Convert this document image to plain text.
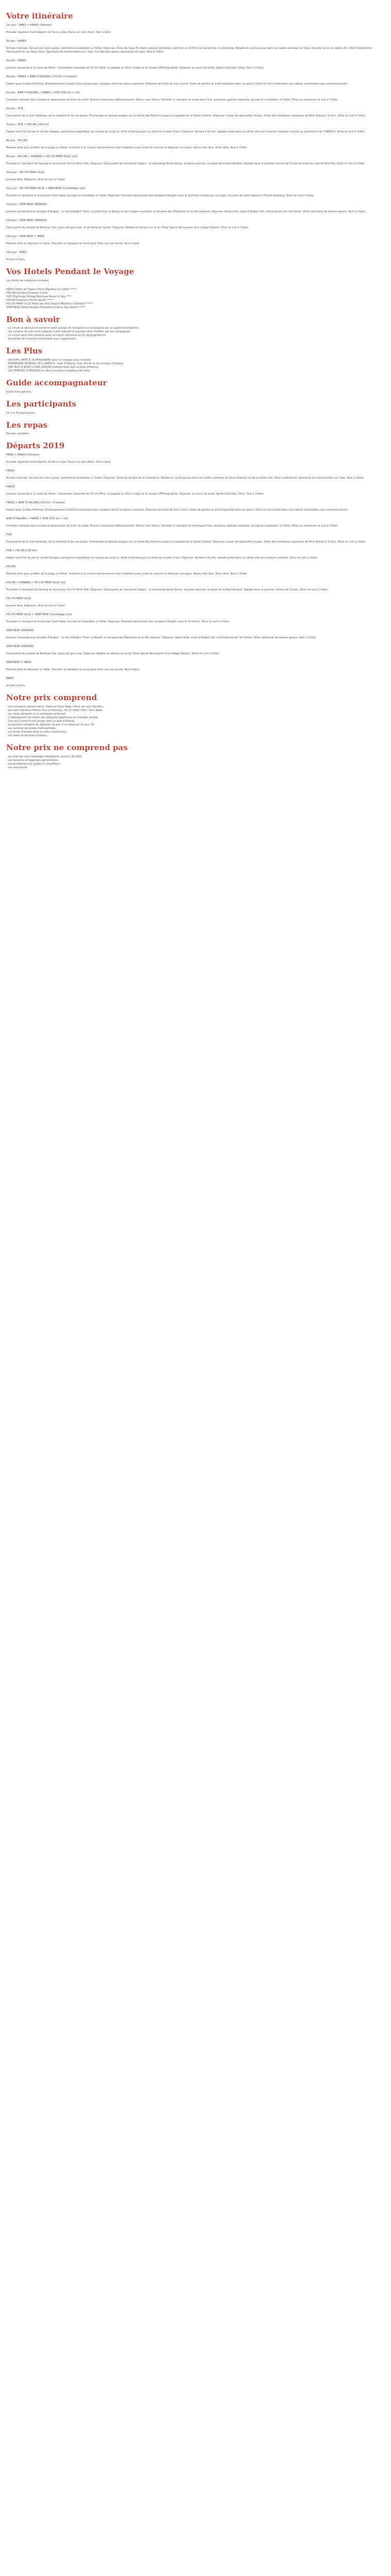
Votre itinéraire

1er jour : PARIS > HANOI (Vietnam)

Envolée régulière multi-départs de Paris à pour Hanoi sur vols direct. Nuit à bord.

2e jour : HANOI

Arrivée matinale. Accueil par votre guide, transfert et installation à l'hôtel. Déjeuner. Visite de Quan Tu Giam, temple confucéen construit en 1070 et du temple de la Littérature. Balade en cyclo-pousse dans les ruelles animées du Vieux Quartier et de la vieille ville. Dîner traditionnel. Découverte du lac Hoan Kiem. Spectacle de marionnettes sur l'eau, l'un des plus beaux spectacles du pays. Nuit à l'hôtel.

3e jour : HANOI

Journée consacrée à la visite de Hanoi : l'ensemble mausolée de Hô Chi Minh, la pagode au Pilier unique et le musée d'Ethnographie. Déjeuner au cours de visite. Après-midi libre. Dîner. Nuit à l'hôtel.

4e jour : HANOI > BAIE D'HALONG (170 km / 4 heures)

Départ pour la baie d'Halong. Embarquement à bord d'une jonque pour naviguer entre les pitons calcaires. Déjeuner de fruits de mer à bord. Visite de grottes et arrêt baignade selon la saison. Dîner et nuit à bord dans une cabine confortable avec sanitaires privés.

5e jour : BAIE D'HALONG > HANOI > HUÉ (535 km + vol)

Croisière matinale dans la baie et observation du lever du soleil. Brunch à bord puis débarquement. Retour vers Hanoi. Transfert à l'aéroport et envol pour Hué, ancienne capitale impériale. Accueil et installation à l'hôtel. Dîner au restaurant et nuit à l'hôtel.

6e jour : HUÉ

Découverte de la cité impériale, de la citadelle et de ses palais. Promenade en bateau-dragon sur la rivière des Parfums jusqu'à la pagode de la Dame Céleste. Déjeuner à base de spécialités locales. Visite des tombeaux impériaux de Minh Mang et Tu Duc. Dîner et nuit à l'hôtel.

7e jour : HUÉ > HOI AN (130 km)

Départ vers Hoi An par le col des Nuages, panorama magnifique sur la baie de Lang Co. Arrêt à Danang pour la visite du musée Cham. Déjeuner. Arrivée à Hoi An, balade à pied dans la vieille ville aux maisons colorées, inscrite au patrimoine de l'UNESCO. Dîner et nuit à l'hôtel.

8e jour : HOI AN

Matinée libre pour profiter de la plage ou flâner. Initiation à la cuisine vietnamienne chez l'habitant avec visite du marché et déjeuner sur place. Après-midi libre. Dîner libre. Nuit à l'hôtel.

9e jour : HOI AN > DANANG > HO CHI MINH VILLE (vol)

Transfert à l'aéroport de Danang et envol pour Ho Chi Minh Ville. Déjeuner. Découverte de l'ancienne Saigon : la cathédrale Notre-Dame, la poste centrale, le palais de la Réunification. Balade dans le quartier chinois de Cholon et visite du marché Binh Tay. Dîner et nuit à l'hôtel.

10e jour : HO CHI MINH VILLE

Journée libre. Déjeuner, dîner et nuit à l'hôtel.

11e jour : HO CHI MINH VILLE > SIEM REAP (Cambodge) (vol)

Transfert à l'aéroport et envol pour Siem Reap. Accueil et installation à l'hôtel. Déjeuner. Première découverte des temples d'Angkor avec le Ta Prohm envahi par la jungle. Coucher de soleil depuis le Phnom Bakheng. Dîner et nuit à l'hôtel.

12e jour : SIEM REAP (ANGKOR)

Journée consacrée aux temples d'Angkor : la cité d'Angkor Thom, la porte Sud, le Bayon et ses visages souriants, la terrasse des Éléphants et du Roi Lépreux. Déjeuner. Après-midi, visite d'Angkor Vat, chef-d'œuvre de l'art khmer. Dîner spectacle de danses apsara. Nuit à l'hôtel.

13e jour : SIEM REAP (ANGKOR)

Découverte du temple de Banteay Srei, joyau de grès rose, et de Banteay Samré. Déjeuner. Balade en bateau sur le lac Tonlé Sap et découverte d'un village flottant. Dîner et nuit à l'hôtel.

14e jour : SIEM REAP > PARIS

Matinée libre et déjeuner à l'hôtel. Transfert à l'aéroport et envol pour Paris via une escale. Nuit à bord.

15e jour : PARIS

Arrivée à Paris.

Vos Hotels Pendant le Voyage

(ou hôtels de catégorie similaire)

HANOI Hôtel de l'Opéra Hanoi Mgallery by Sofitel *****
HALONG Jonque Emperor Cruise
HUÉ Pilgrimage Village Boutique Resort & Spa ****
HOI AN Anantara Hoi An Resort *****
HO CHI MINH VILLE Hôtel des Arts Saigon MGallery Collection *****
SIEM REAP Sofitel Angkor Phokeethra Golf & Spa Resort *****
Bon à savoir
- Le circuit se déroule en partie en petit groupe de voyageurs accompagnés par un guide francophone.
- Les horaires de vols sont indiqués à titre indicatif et peuvent être modifiés par les compagnies.
- Ce circuit peut être combiné avec un séjour balnéaire en fin de programme.
- Possibilité de chambre individuelle avec supplément.
Les Plus
- GROUPE LIMITÉ À 20 PERSONNES pour un voyage plus convivial.
- PATRIMOINE MONDIAL DE L'UNESCO : baie d'Halong, Hué, Hoi An et les temples d'Angkor.
- UNE NUIT À BORD D'UNE JONQUE traditionnelle dans la baie d'Halong.
- LES TEMPLES D'ANGKOR sur deux journées complètes de visite.
Guide accompagnateur

Guide francophone.

Les participants

De 2 à 20 participants.

Les repas

Pension complète.

Départs 2019

PARIS > HANOI (Vietnam)

Envolée régulière multi-départs de Paris à pour Hanoi sur vols direct. Nuit à bord.

HANOI

Arrivée matinale. Accueil par votre guide, transfert et installation à l'hôtel. Déjeuner. Visite du temple de la Littérature. Balade en cyclo-pousse dans les ruelles animées du Vieux Quartier et de la vieille ville. Dîner traditionnel. Spectacle de marionnettes sur l'eau. Nuit à l'hôtel.

HANOI

Journée consacrée à la visite de Hanoi : l'ensemble mausolée de Hô Chi Minh, la pagode au Pilier unique et le musée d'Ethnographie. Déjeuner au cours de visite. Après-midi libre. Dîner. Nuit à l'hôtel.

HANOI > BAIE D'HALONG (170 km / 4 heures)

Départ pour la baie d'Halong. Embarquement à bord d'une jonque pour naviguer entre les pitons calcaires. Déjeuner de fruits de mer à bord. Visite de grottes et arrêt baignade selon la saison. Dîner et nuit à bord dans une cabine confortable avec sanitaires privés.

BAIE D'HALONG > HANOI > HUÉ (535 km + vol)

Croisière matinale dans la baie et observation du lever du soleil. Brunch à bord puis débarquement. Retour vers Hanoi. Transfert à l'aéroport et envol pour Hué, ancienne capitale impériale. Accueil et installation à l'hôtel. Dîner au restaurant et nuit à l'hôtel.

HUÉ

Découverte de la cité impériale, de la citadelle et de ses palais. Promenade en bateau-dragon sur la rivière des Parfums jusqu'à la pagode de la Dame Céleste. Déjeuner à base de spécialités locales. Visite des tombeaux impériaux de Minh Mang et Tu Duc. Dîner et nuit à l'hôtel.

HUÉ > HOI AN (130 km)

Départ vers Hoi An par le col des Nuages, panorama magnifique sur la baie de Lang Co. Arrêt à Danang pour la visite du musée Cham. Déjeuner. Arrivée à Hoi An, balade à pied dans la vieille ville aux maisons colorées. Dîner et nuit à l'hôtel.

HOI AN

Matinée libre pour profiter de la plage ou flâner. Initiation à la cuisine vietnamienne chez l'habitant avec visite du marché et déjeuner sur place. Après-midi libre. Dîner libre. Nuit à l'hôtel.

HOI AN > DANANG > HO CHI MINH VILLE (vol)

Transfert à l'aéroport de Danang et envol pour Ho Chi Minh Ville. Déjeuner. Découverte de l'ancienne Saigon : la cathédrale Notre-Dame, la poste centrale, le palais de la Réunification. Balade dans le quartier chinois de Cholon. Dîner et nuit à l'hôtel.

HO CHI MINH VILLE

Journée libre. Déjeuner, dîner et nuit à l'hôtel.

HO CHI MINH VILLE > SIEM REAP (Cambodge) (vol)

Transfert à l'aéroport et envol pour Siem Reap. Accueil et installation à l'hôtel. Déjeuner. Première découverte des temples d'Angkor avec le Ta Prohm. Dîner et nuit à l'hôtel.

SIEM REAP (ANGKOR)

Journée consacrée aux temples d'Angkor : la cité d'Angkor Thom, le Bayon, la terrasse des Éléphants et du Roi Lépreux. Déjeuner. Après-midi, visite d'Angkor Vat, chef-d'œuvre de l'art khmer. Dîner spectacle de danses apsara. Nuit à l'hôtel.

SIEM REAP (ANGKOR)

Découverte du temple de Banteay Srei, joyau de grès rose. Déjeuner. Balade en bateau sur le lac Tonlé Sap et découverte d'un village flottant. Dîner et nuit à l'hôtel.

SIEM REAP > PARIS

Matinée libre et déjeuner à l'hôtel. Transfert à l'aéroport et envol pour Paris via une escale. Nuit à bord.

PARIS

Arrivée à Paris.

Notre prix comprend
- Les transports aériens Paris / Hanoi et Siem Reap / Paris sur vols réguliers.
- Les vols intérieurs Hanoi / Hué et Danang / Ho Chi Minh Ville / Siem Reap.
- Les taxes aéroport et la surcharge carburant.
- L'hébergement en hôtels de catégorie supérieure en chambre double.
- Une nuit à bord d'une jonque dans la baie d'Halong.
- La pension complète du déjeuner du jour 2 au déjeuner du jour 14.
- Les services de guides francophones.
- Les droits d'entrée dans les sites mentionnés.
- Les taxes et services hôteliers.
Notre prix ne comprend pas
- Les frais de visa Cambodge (obligatoire, environ 30 USD).
- Les boissons et dépenses personnelles.
- Les pourboires aux guides et chauffeurs.
- Les assurances.
